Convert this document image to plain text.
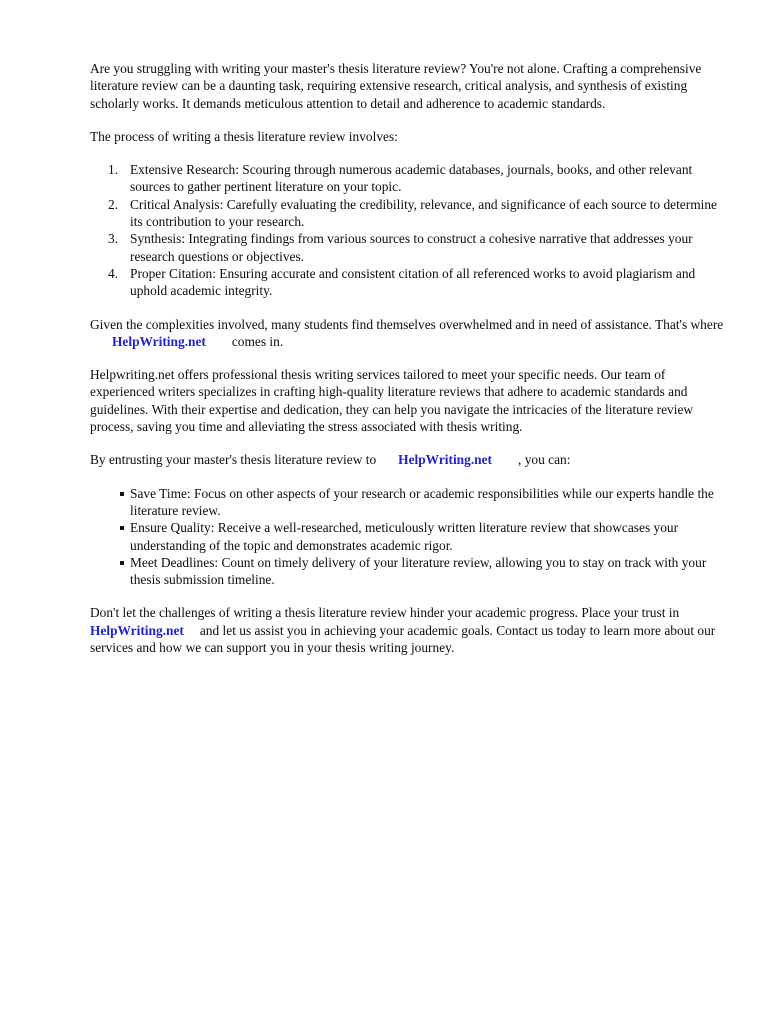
Are you struggling with writing your master's thesis literature review? You're not alone. Crafting a comprehensive literature review can be a daunting task, requiring extensive research, critical analysis, and synthesis of existing scholarly works. It demands meticulous attention to detail and adherence to academic standards.

The process of writing a thesis literature review involves:

Extensive Research: Scouring through numerous academic databases, journals, books, and other relevant sources to gather pertinent literature on your topic.
Critical Analysis: Carefully evaluating the credibility, relevance, and significance of each source to determine its contribution to your research.
Synthesis: Integrating findings from various sources to construct a cohesive narrative that addresses your research questions or objectives.
Proper Citation: Ensuring accurate and consistent citation of all referenced works to avoid plagiarism and uphold academic integrity.

Given the complexities involved, many students find themselves overwhelmed and in need of assistance. That's whereHelpWriting.net comes in.

Helpwriting.net offers professional thesis writing services tailored to meet your specific needs. Our team of experienced writers specializes in crafting high-quality literature reviews that adhere to academic standards and guidelines. With their expertise and dedication, they can help you navigate the intricacies of the literature review process, saving you time and alleviating the stress associated with thesis writing.

By entrusting your master's thesis literature review to HelpWriting.net , you can:

Save Time: Focus on other aspects of your research or academic responsibilities while our experts handle the literature review.
Ensure Quality: Receive a well-researched, meticulously written literature review that showcases your understanding of the topic and demonstrates academic rigor.
Meet Deadlines: Count on timely delivery of your literature review, allowing you to stay on track with your thesis submission timeline.

Don't let the challenges of writing a thesis literature review hinder your academic progress. Place your trust inHelpWriting.net and let us assist you in achieving your academic goals. Contact us today to learn more about our services and how we can support you in your thesis writing journey.
